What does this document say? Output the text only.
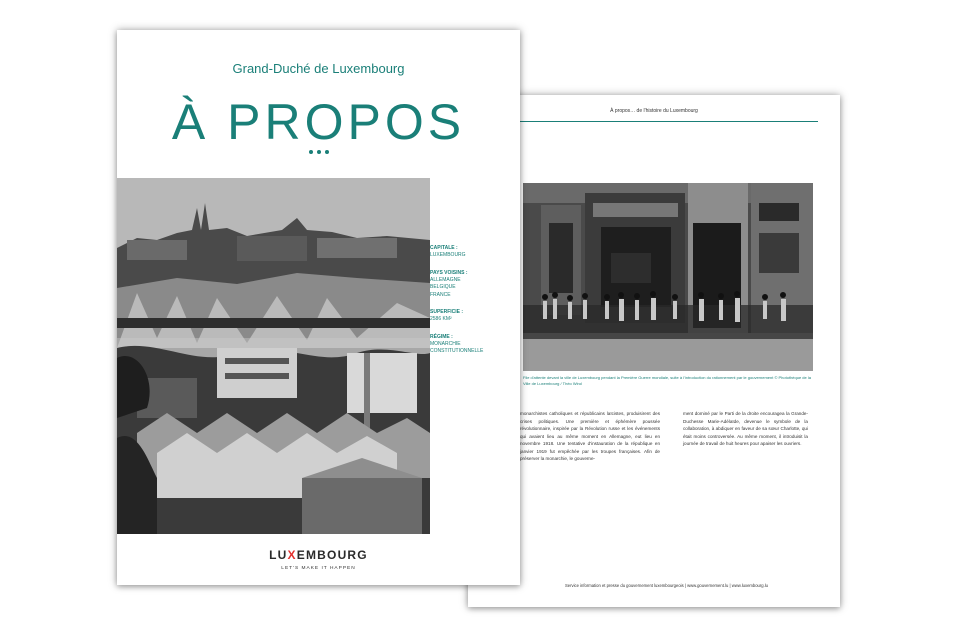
À propos… de l'histoire du Luxembourg
File d'attente devant la ville de Luxembourg pendant la Première Guerre mondiale, suite à l'introduction du rationnement par le gouvernement © Photothèque de la Ville de Luxembourg / Théo Wirol
monarchistes catholiques et républicains laïcistes, produisirent des crises politiques. Une première et éphémère poussée révolutionnaire, inspirée par la Révolution russe et les événements qui avaient lieu au même moment en Allemagne, eut lieu en novembre 1918. Une tentative d'instauration de la république en janvier 1919 fut empêchée par les troupes françaises. Afin de préserver la monarchie, le gouverne-
ment dominé par le Parti de la droite encouragea la Grande-Duchesse Marie-Adélaïde, devenue le symbole de la collaboration, à abdiquer en faveur de sa sœur Charlotte, qui était moins controversée. Au même moment, il introduisit la journée de travail de huit heures pour apaiser les ouvriers.
Service information et presse du gouvernement luxembourgeois | www.gouvernement.lu | www.luxembourg.lu
Grand-Duché de Luxembourg
À PROPOS
CAPITALE :
LUXEMBOURG
PAYS VOISINS :
ALLEMAGNE
BELGIQUE
FRANCE
SUPERFICIE :
2586 KM²
RÉGIME :
MONARCHIE
CONSTITUTIONNELLE
LUXEMBOURG
LET'S MAKE IT HAPPEN
